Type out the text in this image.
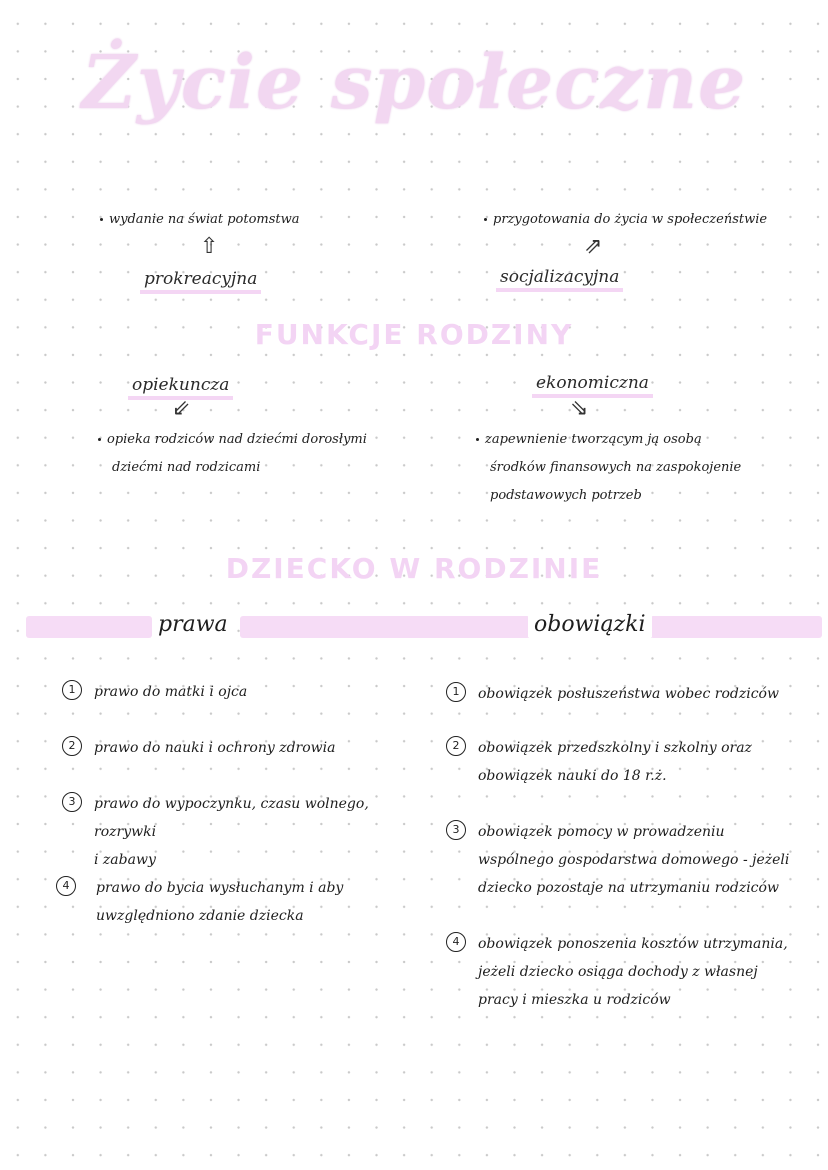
Życie społeczne
wydanie na świat potomstwa
⇧
prokreacyjna
przygotowania do życia w społeczeństwie
⇗
socjalizacyjna
FUNKCJE RODZINY
opiekuncza
⇙
opieka rodziców nad dziećmi dorosłymi
dziećmi nad rodzicami
ekonomiczna
⇘
zapewnienie tworzącym ją osobą
środków finansowych na zaspokojenie
podstawowych potrzeb
DZIECKO W RODZINIE
prawa	obowiązki
1	prawo do matki i ojca
2	prawo do nauki i ochrony zdrowia
3	prawo do wypoczynku, czasu wolnego, rozrywki
i zabawy
4	prawo do bycia wysłuchanym i aby
uwzględniono zdanie dziecka
1	obowiązek posłuszeństwa wobec rodziców
2	obowiązek przedszkolny i szkolny oraz
obowiązek nauki do 18 r.ż.
3	obowiązek pomocy w prowadzeniu
wspólnego gospodarstwa domowego - jeżeli
dziecko pozostaje na utrzymaniu rodziców
4	obowiązek ponoszenia kosztów utrzymania,
jeżeli dziecko osiąga dochody z własnej
pracy i mieszka u rodziców
